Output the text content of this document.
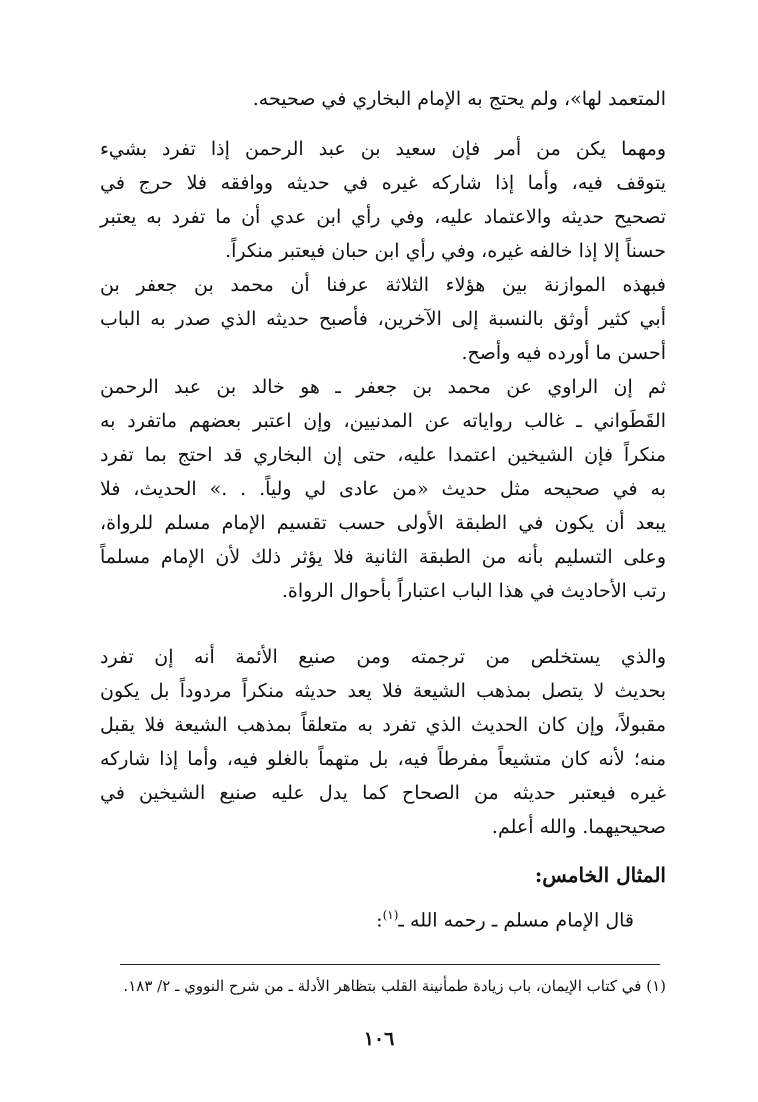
المتعمد لها»، ولم يحتج به الإمام البخاري في صحيحه.

ومهما يكن من أمر فإن سعيد بن عبد الرحمن إذا تفرد بشيء

يتوقف فيه، وأما إذا شاركه غيره في حديثه ووافقه فلا حرج في

تصحيح حديثه والاعتماد عليه، وفي رأي ابن عدي أن ما تفرد به يعتبر

حسناً إلا إذا خالفه غيره، وفي رأي ابن حبان فيعتبر منكراً.

فبهذه الموازنة بين هؤلاء الثلاثة عرفنا أن محمد بن جعفر بن

أبي كثير أوثق بالنسبة إلى الآخرين، فأصبح حديثه الذي صدر به الباب

أحسن ما أورده فيه وأصح.

ثم إن الراوي عن محمد بن جعفر ـ هو خالد بن عبد الرحمن

القَطَواني ـ غالب رواياته عن المدنيين، وإن اعتبر بعضهم ماتفرد به

منكراً فإن الشيخين اعتمدا عليه، حتى إن البخاري قد احتج بما تفرد

به في صحيحه مثل حديث «من عادى لي ولياً. . .» الحديث، فلا

يبعد أن يكون في الطبقة الأولى حسب تقسيم الإمام مسلم للرواة،

وعلى التسليم بأنه من الطبقة الثانية فلا يؤثر ذلك لأن الإمام مسلماً

رتب الأحاديث في هذا الباب اعتباراً بأحوال الرواة.

والذي يستخلص من ترجمته ومن صنيع الأئمة أنه إن تفرد

بحديث لا يتصل بمذهب الشيعة فلا يعد حديثه منكراً مردوداً بل يكون

مقبولاً، وإن كان الحديث الذي تفرد به متعلقاً بمذهب الشيعة فلا يقبل

منه؛ لأنه كان متشيعاً مفرطاً فيه، بل متهماً بالغلو فيه، وأما إذا شاركه

غيره فيعتبر حديثه من الصحاح كما يدل عليه صنيع الشيخين في

صحيحيهما. والله أعلم.

المثال الخامس:
قال الإمام مسلم ـ رحمه الله ـ$^{(١)}$:
(١) في كتاب الإيمان، باب زيادة طمأنينة القلب بتظاهر الأدلة ـ من شرح النووي ـ ٢/ ١٨٣.
١٠٦
